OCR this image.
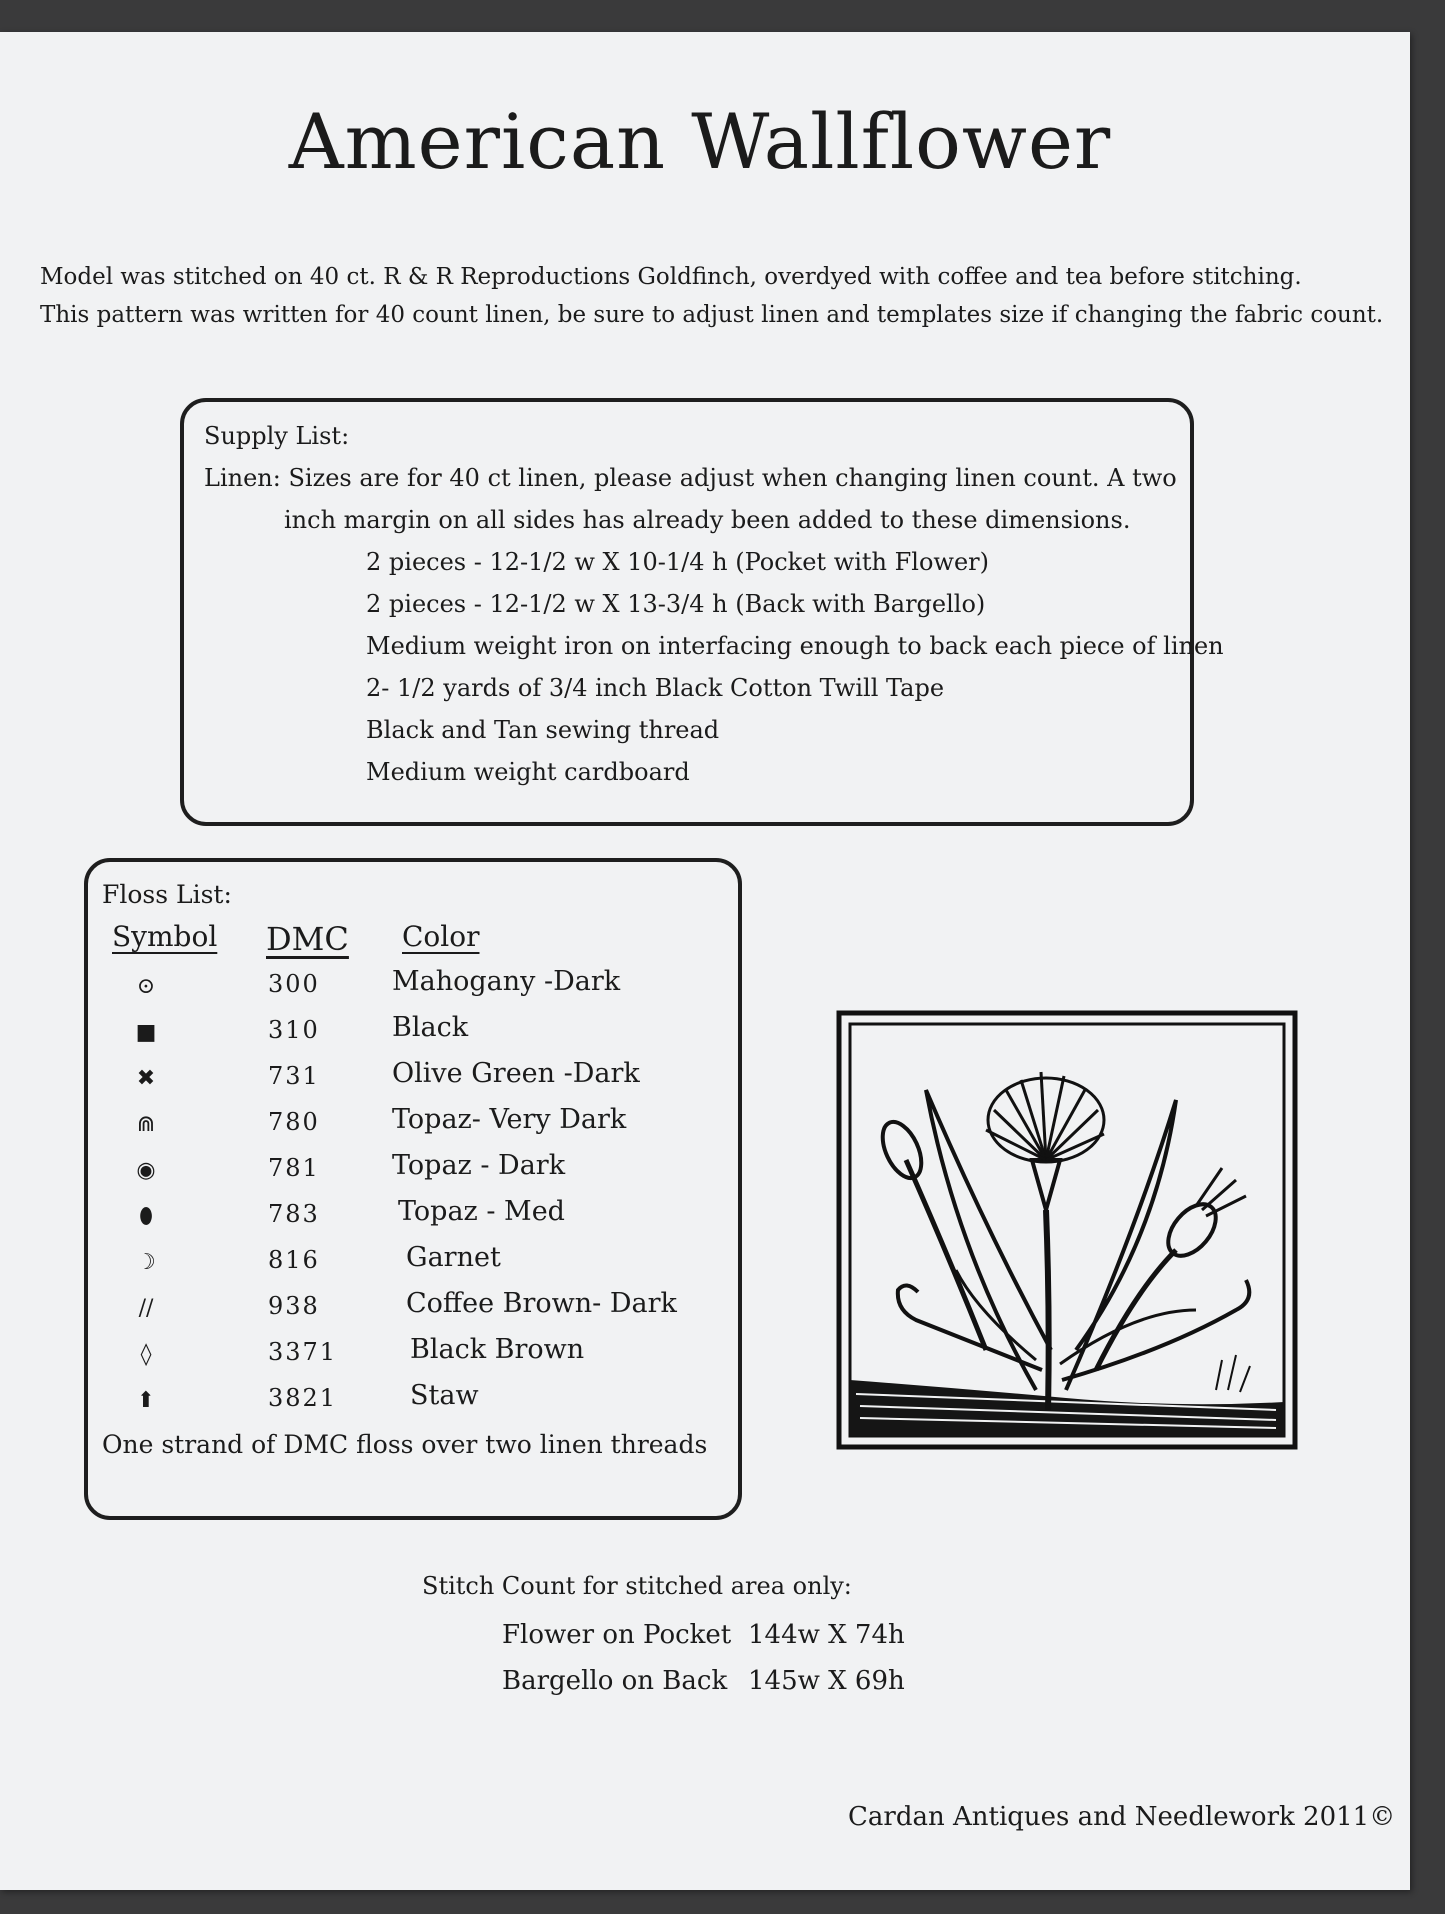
American Wallflower
Model was stitched on 40 ct. R & R Reproductions Goldfinch, overdyed with coffee and tea before stitching.
This pattern was written for 40 count linen, be sure to adjust linen and templates size if changing the fabric count.
Supply List:
Linen: Sizes are for 40 ct linen, please adjust when changing linen count. A two
inch margin on all sides has already been added to these dimensions.
2 pieces - 12-1/2 w X 10-1/4 h (Pocket with Flower)
2 pieces - 12-1/2 w X 13-3/4 h (Back with Bargello)
Medium weight iron on interfacing enough to back each piece of linen
2- 1/2 yards of 3/4 inch Black Cotton Twill Tape
Black and Tan sewing thread
Medium weight cardboard
Floss List:
Symbol DMC Color
⊙	300	Mahogany -Dark
■	310	Black
✖	731	Olive Green -Dark
⋒	780	Topaz- Very Dark
◉	781	Topaz - Dark
⬮	783	Topaz - Med
☽	816	Garnet
//	938	Coffee Brown- Dark
◊	3371	Black Brown
⬆	3821	Staw
One strand of DMC floss over two linen threads
Stitch Count for stitched area only:
Flower on Pocket 144w X 74h
Bargello on Back 145w X 69h
Cardan Antiques and Needlework 2011©
